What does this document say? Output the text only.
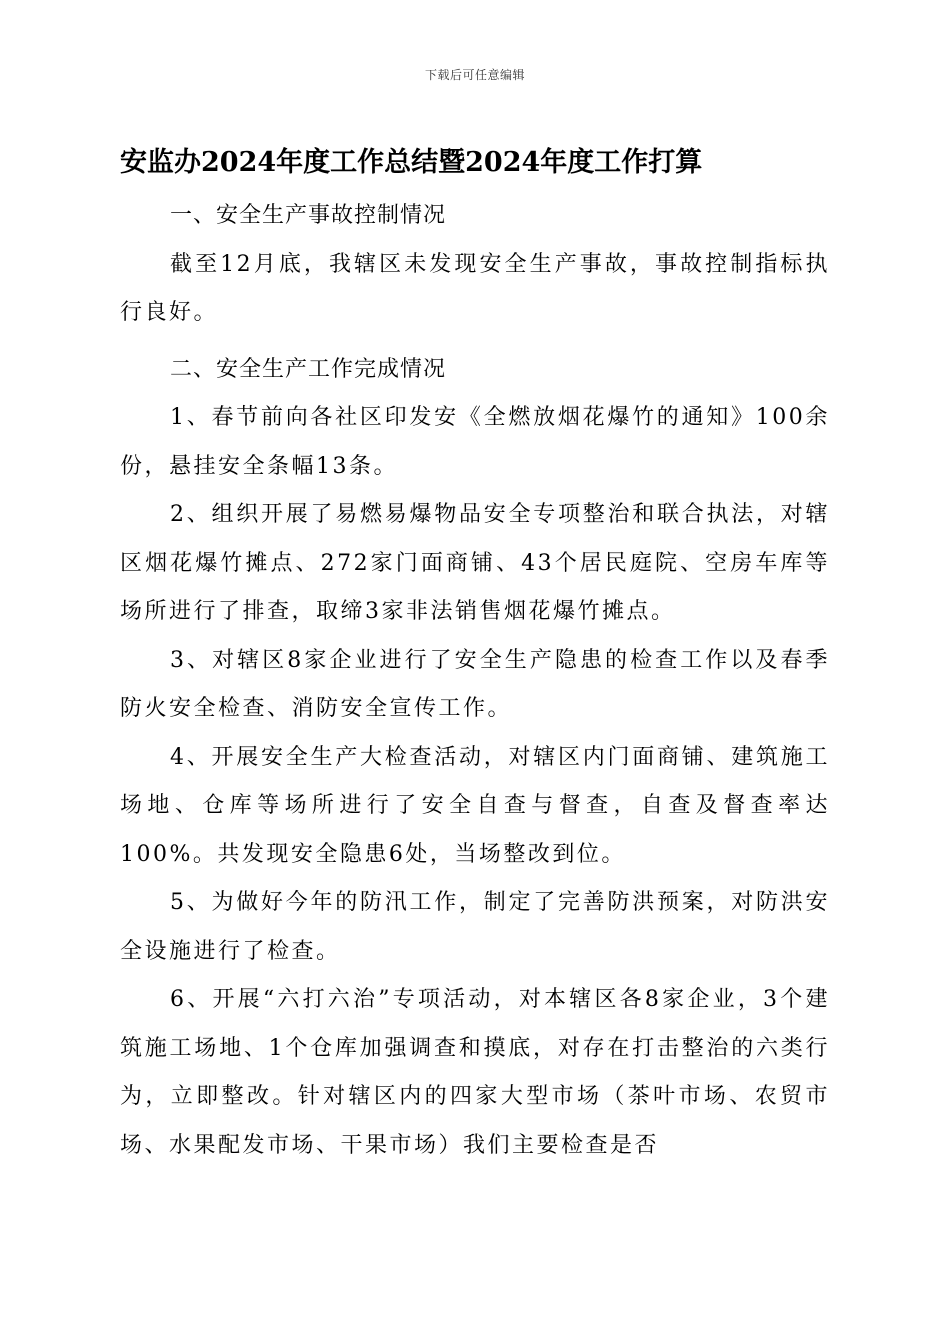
下载后可任意编辑
安监办2024年度工作总结暨2024年度工作打算

一、安全生产事故控制情况

截至12月底，我辖区未发现安全生产事故，事故控制指标执行良好。

二、安全生产工作完成情况

1、春节前向各社区印发安《全燃放烟花爆竹的通知》100余份，悬挂安全条幅13条。

2、组织开展了易燃易爆物品安全专项整治和联合执法，对辖区烟花爆竹摊点、272家门面商铺、43个居民庭院、空房车库等场所进行了排查，取缔3家非法销售烟花爆竹摊点。

3、对辖区8家企业进行了安全生产隐患的检查工作以及春季防火安全检查、消防安全宣传工作。

4、开展安全生产大检查活动，对辖区内门面商铺、建筑施工场地、仓库等场所进行了安全自查与督查，自查及督查率达100%。共发现安全隐患6处，当场整改到位。

5、为做好今年的防汛工作，制定了完善防洪预案，对防洪安全设施进行了检查。

6、开展“六打六治”专项活动，对本辖区各8家企业，3个建筑施工场地、1个仓库加强调查和摸底，对存在打击整治的六类行为，立即整改。针对辖区内的四家大型市场（茶叶市场、农贸市场、水果配发市场、干果市场）我们主要检查是否
